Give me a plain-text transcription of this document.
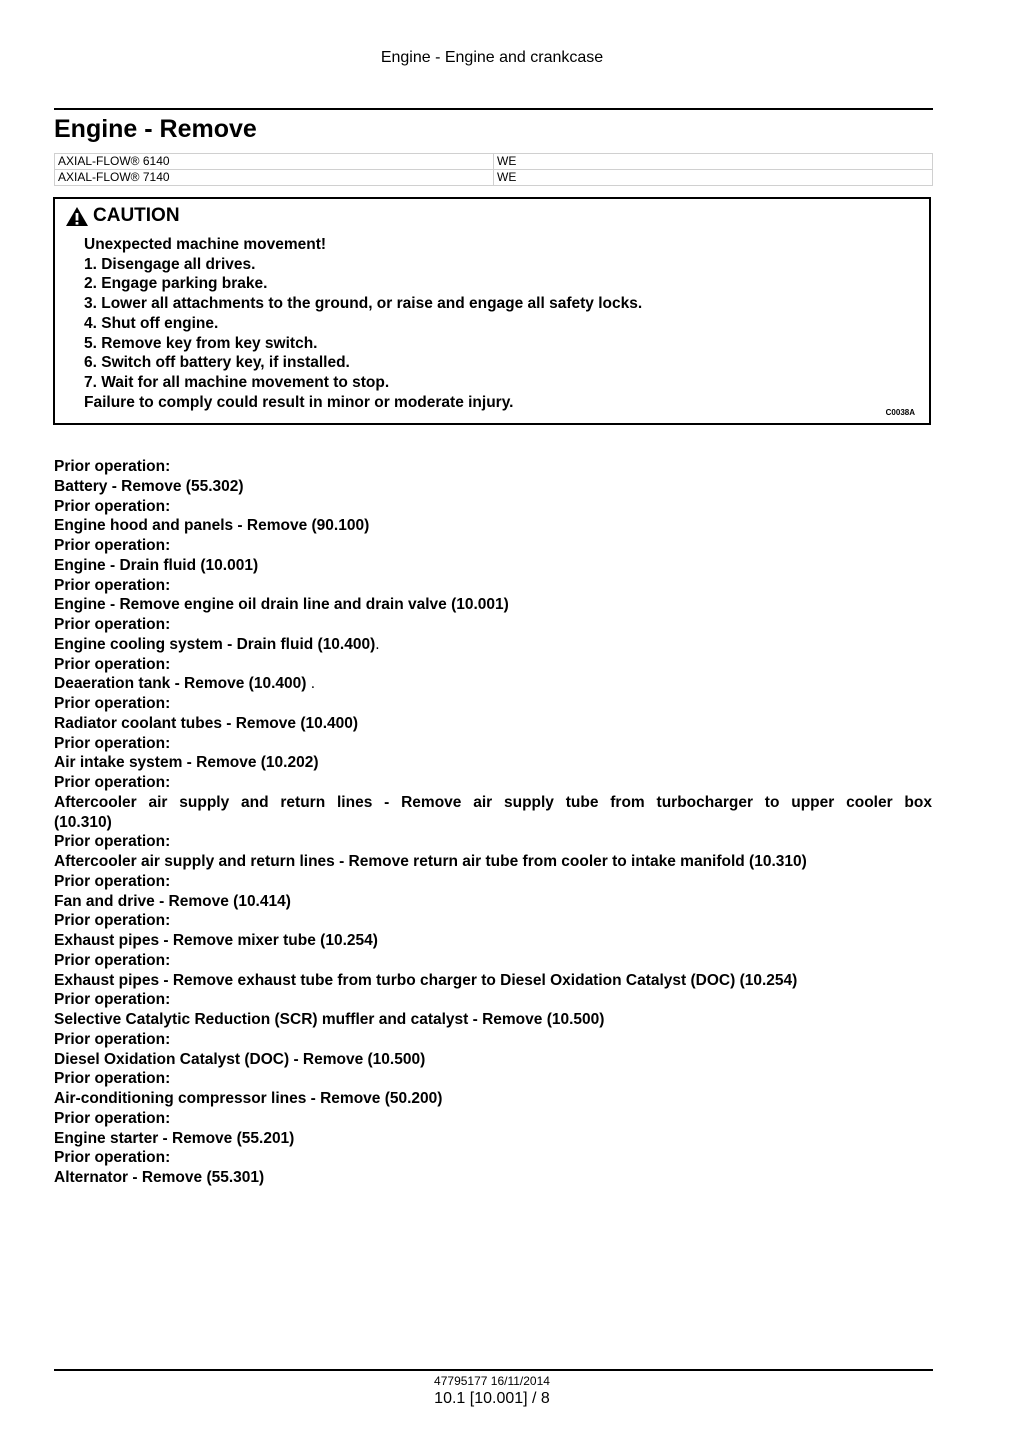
Engine - Engine and crankcase
Engine - Remove
AXIAL-FLOW® 6140	WE
AXIAL-FLOW® 7140	WE
CAUTION
Unexpected machine movement!
1. Disengage all drives.
2. Engage parking brake.
3. Lower all attachments to the ground, or raise and engage all safety locks.
4. Shut off engine.
5. Remove key from key switch.
6. Switch off battery key, if installed.
7. Wait for all machine movement to stop.
Failure to comply could result in minor or moderate injury.
C0038A
Prior operation:
Battery - Remove (55.302)
Prior operation:
Engine hood and panels - Remove (90.100)
Prior operation:
Engine - Drain fluid (10.001)
Prior operation:
Engine - Remove engine oil drain line and drain valve (10.001)
Prior operation:
Engine cooling system - Drain fluid (10.400).
Prior operation:
Deaeration tank - Remove (10.400) .
Prior operation:
Radiator coolant tubes - Remove (10.400)
Prior operation:
Air intake system - Remove (10.202)
Prior operation:
Aftercooler air supply and return lines - Remove air supply tube from turbocharger to upper cooler box
(10.310)
Prior operation:
Aftercooler air supply and return lines - Remove return air tube from cooler to intake manifold (10.310)
Prior operation:
Fan and drive - Remove (10.414)
Prior operation:
Exhaust pipes - Remove mixer tube (10.254)
Prior operation:
Exhaust pipes - Remove exhaust tube from turbo charger to Diesel Oxidation Catalyst (DOC) (10.254)
Prior operation:
Selective Catalytic Reduction (SCR) muffler and catalyst - Remove (10.500)
Prior operation:
Diesel Oxidation Catalyst (DOC) - Remove (10.500)
Prior operation:
Air-conditioning compressor lines - Remove (50.200)
Prior operation:
Engine starter - Remove (55.201)
Prior operation:
Alternator - Remove (55.301)
47795177 16/11/2014
10.1 [10.001] / 8
